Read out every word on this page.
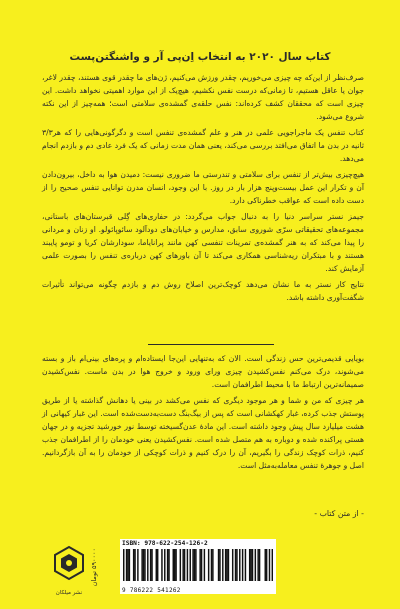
کتاب سال ۲۰۲۰ به انتخاب اِن‌پی آر و واشنگتن‌پست

صرف‌نظر از این‌که چه چیزی می‌خوریم، چقدر ورزش می‌کنیم، ژن‌های ما چقدر قوی هستند، چقدر لاغر، جوان یا عاقل هستیم، تا زمانی‌که درست نفس نکشیم، هیچ‌یک از این موارد اهمیتی نخواهد داشت. این چیزی است که محققان کشف کرده‌اند: نفس حلقه‌ی گمشده‌ی سلامتی است؛ همه‌چیز از این نکته شروع می‌شود.

کتاب تنفس یک ماجراجویی علمی در هنر و علم گمشده‌ی تنفس است و دگرگونی‌هایی را که هر۳/۳ ثانیه در بدن ما اتفاق می‌افتد بررسی می‌کند، یعنی همان مدت زمانی که یک فرد عادی دم و بازدم انجام می‌دهد.

هیچ‌چیزی بیش‌تر از تنفس برای سلامتی و تندرستی ما ضروری نیست: دمیدن هوا به داخل، بیرون‌دادن آن و تکرار این عمل بیست‌وپنج هزار بار در روز. با این وجود، انسان مدرن توانایی تنفس صحیح را از دست داده است که عواقب خطرناکی دارد.

جیمز نستر سراسر دنیا را به دنبال جواب می‌گردد: در حفاری‌های گِلی قبرستان‌های باستانی، مجموعه‌های تحقیقاتی سرّی شوروی سابق، مدارس و خیابان‌های دودآلود سائوپائولو. او زنان و مردانی را پیدا می‌کند که به هنر گمشده‌ی تمرینات تنفسی کهن مانند پرانایاما، سودارشان کریا و تومو پایبند هستند و با مبتکران ریه‌شناسی همکاری می‌کند تا آن باورهای کهن درباره‌ی تنفس را بصورت علمی آزمایش کند.

نتایج کار نستر به ما نشان می‌دهد کوچک‌ترین اصلاح روش دم و بازدم چگونه می‌تواند تأثیرات شگفت‌آوری داشته باشد.

بویایی قدیمی‌ترین حس زندگی است. الان که به‌تنهایی این‌جا ایستاده‌ام و پره‌های بینی‌ام باز و بسته می‌شوند، درک می‌کنم نفس‌کشیدن چیزی ورای ورود و خروج هوا در بدن ماست. نفس‌کشیدن صمیمانه‌ترین ارتباط ما با محیط اطرافمان است.

هر چیزی که من و شما و هر موجود دیگری که نفس می‌کشد در بینی یا دهانش گذاشته یا از طریق پوستش جذب کرده، غبار کهکشانی است که پس از بیگ‌بنگ دست‌به‌دست‌شده است. این غبار کیهانی از هشت میلیارد سال پیش وجود داشته است. این مادهٔ عدن‌گسیخته توسط نور خورشید تجزیه و در جهان هستی پراکنده شده و دوباره به هم متصل شده است. نفس‌کشیدن یعنی خودمان را از اطرافمان جذب کنیم، ذرات کوچک زندگی را بگیریم، آن را درک کنیم و ذرات کوچکی از خودمان را به آن بازگردانیم. اصل و جوهرهٔ تنفس معامله‌به‌مثل است.

- از متن کتاب -
نشر میلکان
۵۹۰۰۰۰ تومان
ISBN: 978-622-254-126-2
9 786222 541262
